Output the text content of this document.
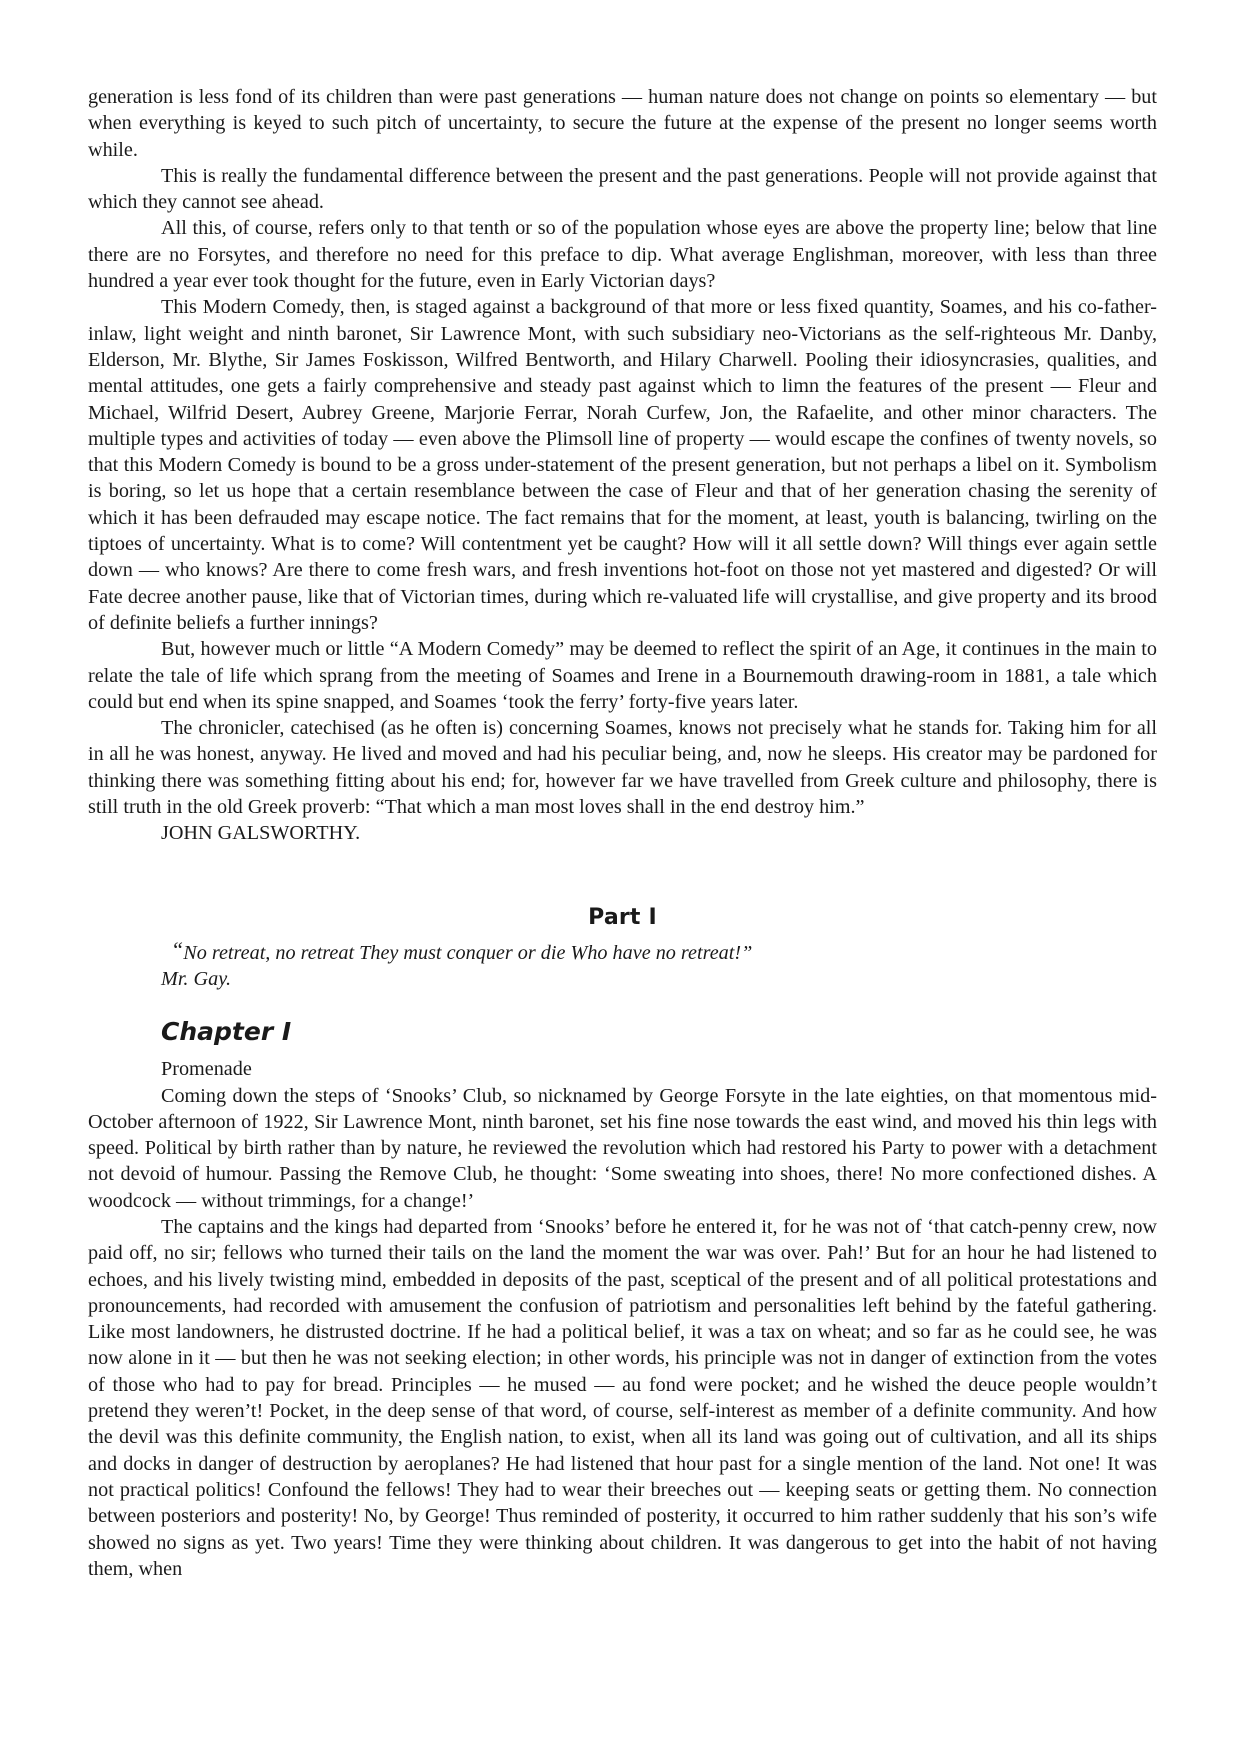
generation is less fond of its children than were past generations — human nature does not change on points so elementary — but when everything is keyed to such pitch of uncertainty, to secure the future at the expense of the present no longer seems worth while.

This is really the fundamental difference between the present and the past generations. People will not provide against that which they cannot see ahead.

All this, of course, refers only to that tenth or so of the population whose eyes are above the property line; below that line there are no Forsytes, and therefore no need for this preface to dip. What average Englishman, moreover, with less than three hundred a year ever took thought for the future, even in Early Victorian days?

This Modern Comedy, then, is staged against a background of that more or less fixed quantity, Soames, and his co-father-inlaw, light weight and ninth baronet, Sir Lawrence Mont, with such subsidiary neo-Victorians as the self-righteous Mr. Danby, Elderson, Mr. Blythe, Sir James Foskisson, Wilfred Bentworth, and Hilary Charwell. Pooling their idiosyncrasies, qualities, and mental attitudes, one gets a fairly comprehensive and steady past against which to limn the features of the present — Fleur and Michael, Wilfrid Desert, Aubrey Greene, Marjorie Ferrar, Norah Curfew, Jon, the Rafaelite, and other minor characters. The multiple types and activities of today — even above the Plimsoll line of property — would escape the confines of twenty novels, so that this Modern Comedy is bound to be a gross under-statement of the present generation, but not perhaps a libel on it. Symbolism is boring, so let us hope that a certain resemblance between the case of Fleur and that of her generation chasing the serenity of which it has been defrauded may escape notice. The fact remains that for the moment, at least, youth is balancing, twirling on the tiptoes of uncertainty. What is to come? Will contentment yet be caught? How will it all settle down? Will things ever again settle down — who knows? Are there to come fresh wars, and fresh inventions hot-foot on those not yet mastered and digested? Or will Fate decree another pause, like that of Victorian times, during which re-valuated life will crystallise, and give property and its brood of definite beliefs a further innings?

But, however much or little “A Modern Comedy” may be deemed to reflect the spirit of an Age, it continues in the main to relate the tale of life which sprang from the meeting of Soames and Irene in a Bournemouth drawing-room in 1881, a tale which could but end when its spine snapped, and Soames ‘took the ferry’ forty-five years later.

The chronicler, catechised (as he often is) concerning Soames, knows not precisely what he stands for. Taking him for all in all he was honest, anyway. He lived and moved and had his peculiar being, and, now he sleeps. His creator may be pardoned for thinking there was something fitting about his end; for, however far we have travelled from Greek culture and philosophy, there is still truth in the old Greek proverb: “That which a man most loves shall in the end destroy him.”

JOHN GALSWORTHY.

Part I
“No retreat, no retreat They must conquer or die Who have no retreat!”
Mr. Gay.
Chapter I
Promenade

Coming down the steps of ‘Snooks’ Club, so nicknamed by George Forsyte in the late eighties, on that momentous mid-October afternoon of 1922, Sir Lawrence Mont, ninth baronet, set his fine nose towards the east wind, and moved his thin legs with speed. Political by birth rather than by nature, he reviewed the revolution which had restored his Party to power with a detachment not devoid of humour. Passing the Remove Club, he thought: ‘Some sweating into shoes, there! No more confectioned dishes. A woodcock — without trimmings, for a change!’

The captains and the kings had departed from ‘Snooks’ before he entered it, for he was not of ‘that catch-penny crew, now paid off, no sir; fellows who turned their tails on the land the moment the war was over. Pah!’ But for an hour he had listened to echoes, and his lively twisting mind, embedded in deposits of the past, sceptical of the present and of all political protestations and pronouncements, had recorded with amusement the confusion of patriotism and personalities left behind by the fateful gathering. Like most landowners, he distrusted doctrine. If he had a political belief, it was a tax on wheat; and so far as he could see, he was now alone in it — but then he was not seeking election; in other words, his principle was not in danger of extinction from the votes of those who had to pay for bread. Principles — he mused — au fond were pocket; and he wished the deuce people wouldn’t pretend they weren’t! Pocket, in the deep sense of that word, of course, self-interest as member of a definite community. And how the devil was this definite community, the English nation, to exist, when all its land was going out of cultivation, and all its ships and docks in danger of destruction by aeroplanes? He had listened that hour past for a single mention of the land. Not one! It was not practical politics! Confound the fellows! They had to wear their breeches out — keeping seats or getting them. No connection between posteriors and posterity! No, by George! Thus reminded of posterity, it occurred to him rather suddenly that his son’s wife showed no signs as yet. Two years! Time they were thinking about children. It was dangerous to get into the habit of not having them, when
